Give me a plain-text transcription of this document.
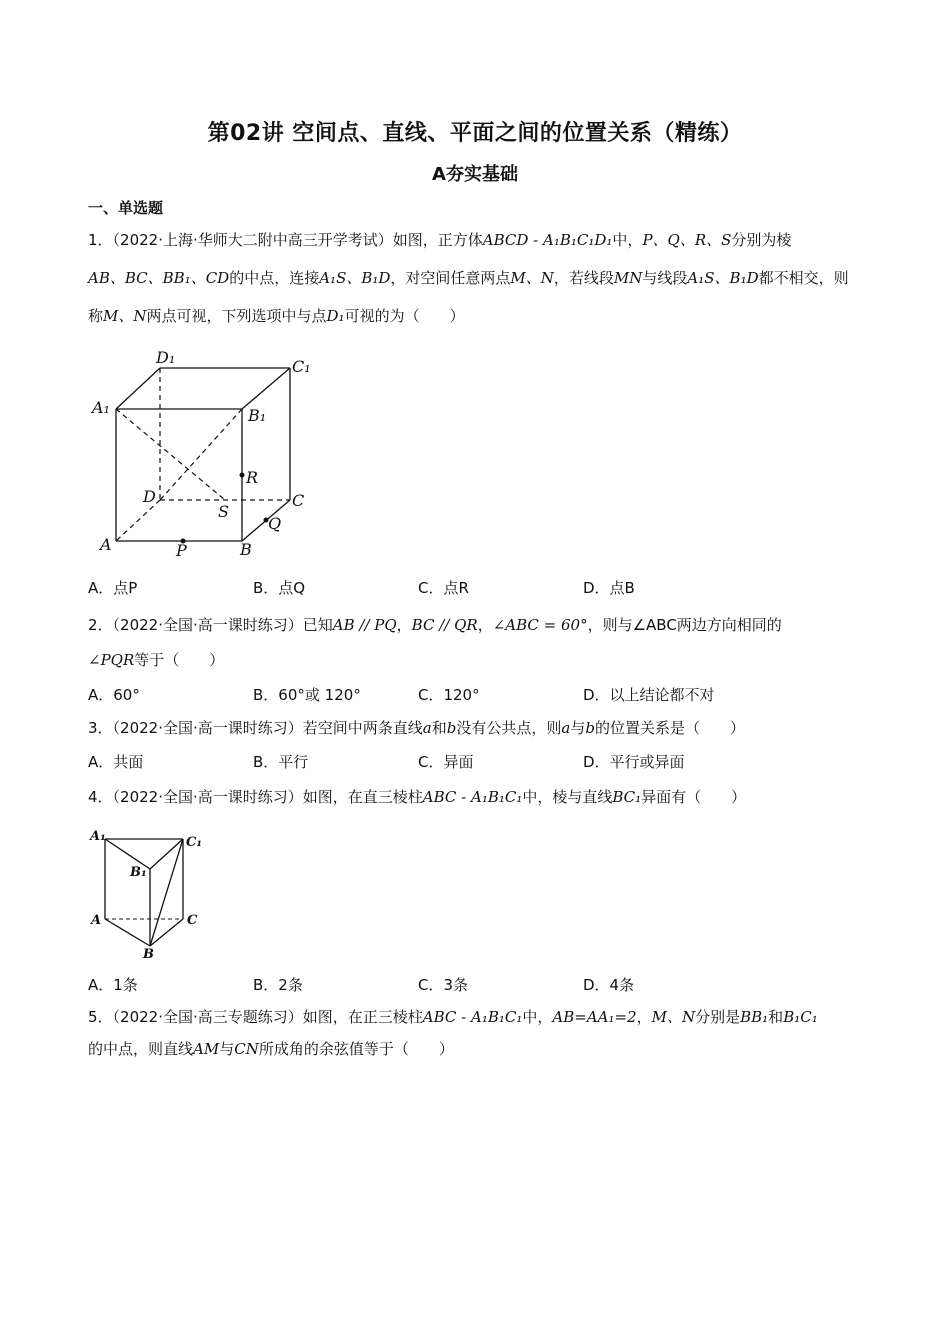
第02讲 空间点、直线、平面之间的位置关系（精练）
A夯实基础
一、单选题
1．（2022·上海·华师大二附中高三开学考试）如图，正方体ABCD - A₁B₁C₁D₁中，P、Q、R、S分别为棱
AB、BC、BB₁、CD的中点，连接A₁S、B₁D，对空间任意两点M、N，若线段MN与线段A₁S、B₁D都不相交，则
称M、N两点可视，下列选项中与点D₁可视的为（　　）
D₁	C₁
A₁	B₁
R
D	C
S
Q
A	P	B
A．点P	B．点Q	C．点R	D．点B
2．（2022·全国·高一课时练习）已知AB // PQ，BC // QR，∠ABC = 60°，则与∠ABC两边方向相同的
∠PQR等于（　　）
A．60°	B．60°或 120°	C．120°	D．以上结论都不对
3．（2022·全国·高一课时练习）若空间中两条直线a和b没有公共点，则a与b的位置关系是（　　）
A．共面	B．平行	C．异面	D．平行或异面
4．（2022·全国·高一课时练习）如图，在直三棱柱ABC - A₁B₁C₁中，棱与直线BC₁异面有（　　）
A₁	C₁
B₁
A	C
B
A．1条	B．2条	C．3条	D．4条
5．（2022·全国·高三专题练习）如图，在正三棱柱ABC - A₁B₁C₁中，AB=AA₁=2，M、N分别是BB₁和B₁C₁
的中点，则直线AM与CN所成角的余弦值等于（　　）
